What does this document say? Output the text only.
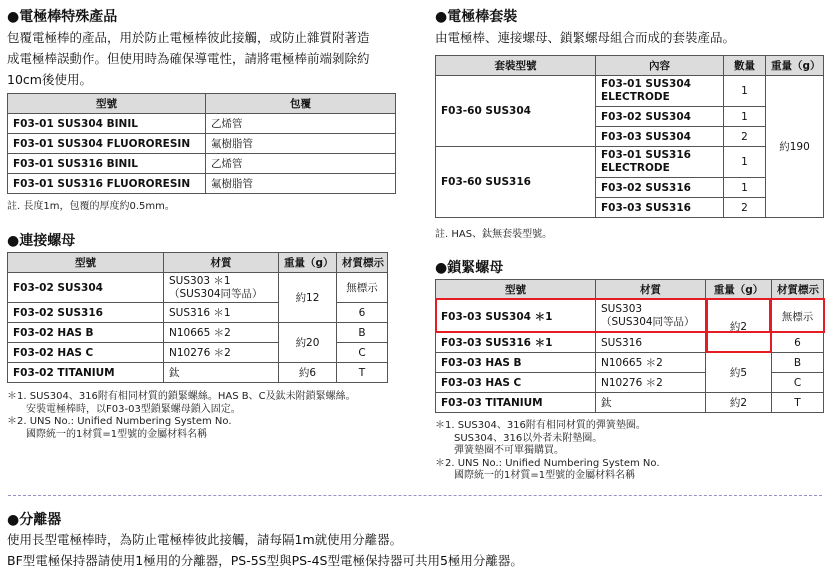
●電極棒特殊產品
包覆電極棒的產品，用於防止電極棒彼此接觸，或防止雜質附著造
成電極棒誤動作。但使用時為確保導電性，請將電極棒前端剝除約
10cm後使用。
型號	包覆
F03-01 SUS304 BINIL	乙烯管
F03-01 SUS304 FLUORORESIN	氟樹脂管
F03-01 SUS316 BINIL	乙烯管
F03-01 SUS316 FLUORORESIN	氟樹脂管
註. 長度1m，包覆的厚度約0.5mm。
●連接螺母
型號	材質	重量（g）	材質標示
F03-02 SUS304	SUS303 ＊1
（SUS304同等品）	約12	無標示
F03-02 SUS316	SUS316 ＊1		6
F03-02 HAS B	N10665 ＊2	約20	B
F03-02 HAS C	N10276 ＊2		C
F03-02 TITANIUM	鈦	約6	T
＊1. SUS304、316附有相同材質的鎖緊螺絲。HAS B、C及鈦未附鎖緊螺絲。
安裝電極棒時，以F03-03型鎖緊螺母鎖入固定。
＊2. UNS No.: Unified Numbering System No.
國際統一的1材質=1型號的金屬材料名稱
●電極棒套裝
由電極棒、連接螺母、鎖緊螺母組合而成的套裝產品。
套裝型號	內容	數量	重量（g）
F03-60 SUS304	F03-01 SUS304
ELECTRODE	1	約190
	F03-02 SUS304	1	
	F03-03 SUS304	2	
F03-60 SUS316	F03-01 SUS316
ELECTRODE	1	
	F03-02 SUS316	1	
	F03-03 SUS316	2	
註. HAS、鈦無套裝型號。
●鎖緊螺母
型號	材質	重量（g）	材質標示
F03-03 SUS304 ＊1	SUS303
（SUS304同等品）	約2	無標示
F03-03 SUS316 ＊1	SUS316		6
F03-03 HAS B	N10665 ＊2	約5	B
F03-03 HAS C	N10276 ＊2		C
F03-03 TITANIUM	鈦	約2	T
＊1. SUS304、316附有相同材質的彈簧墊圈。
SUS304、316以外者未附墊圈。
彈簧墊圈不可單獨購買。
＊2. UNS No.: Unified Numbering System No.
國際統一的1材質=1型號的金屬材料名稱
●分離器
使用長型電極棒時，為防止電極棒彼此接觸，請每隔1m就使用分離器。
BF型電極保持器請使用1極用的分離器，PS-5S型與PS-4S型電極保持器可共用5極用分離器。
